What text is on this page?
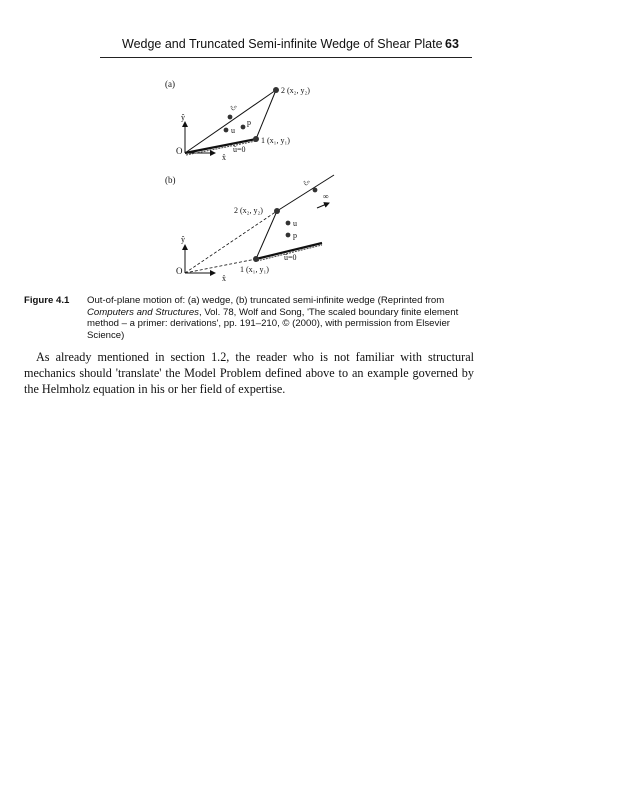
Wedge and Truncated Semi-infinite Wedge of Shear Plate 63
(a)
ŷ
x̂
O
2 (x₂, y₂)
1 (x₁, y₁)
c̃ₙ
u
p
ū=0
(b)
ŷ
x̂
O
2 (x₂, y₂)
1 (x₁, y₁)
u
p
c̃ₙ
∞
ū=0
Figure 4.1 Out-of-plane motion of: (a) wedge, (b) truncated semi-infinite wedge (Reprinted from Computers and Structures, Vol. 78, Wolf and Song, 'The scaled boundary finite element method – a primer: derivations', pp. 191–210, © (2000), with permission from Elsevier Science)
As already mentioned in section 1.2, the reader who is not familiar with structural mechanics should 'translate' the Model Problem defined above to an example governed by the Helmholz equation in his or her field of expertise.
